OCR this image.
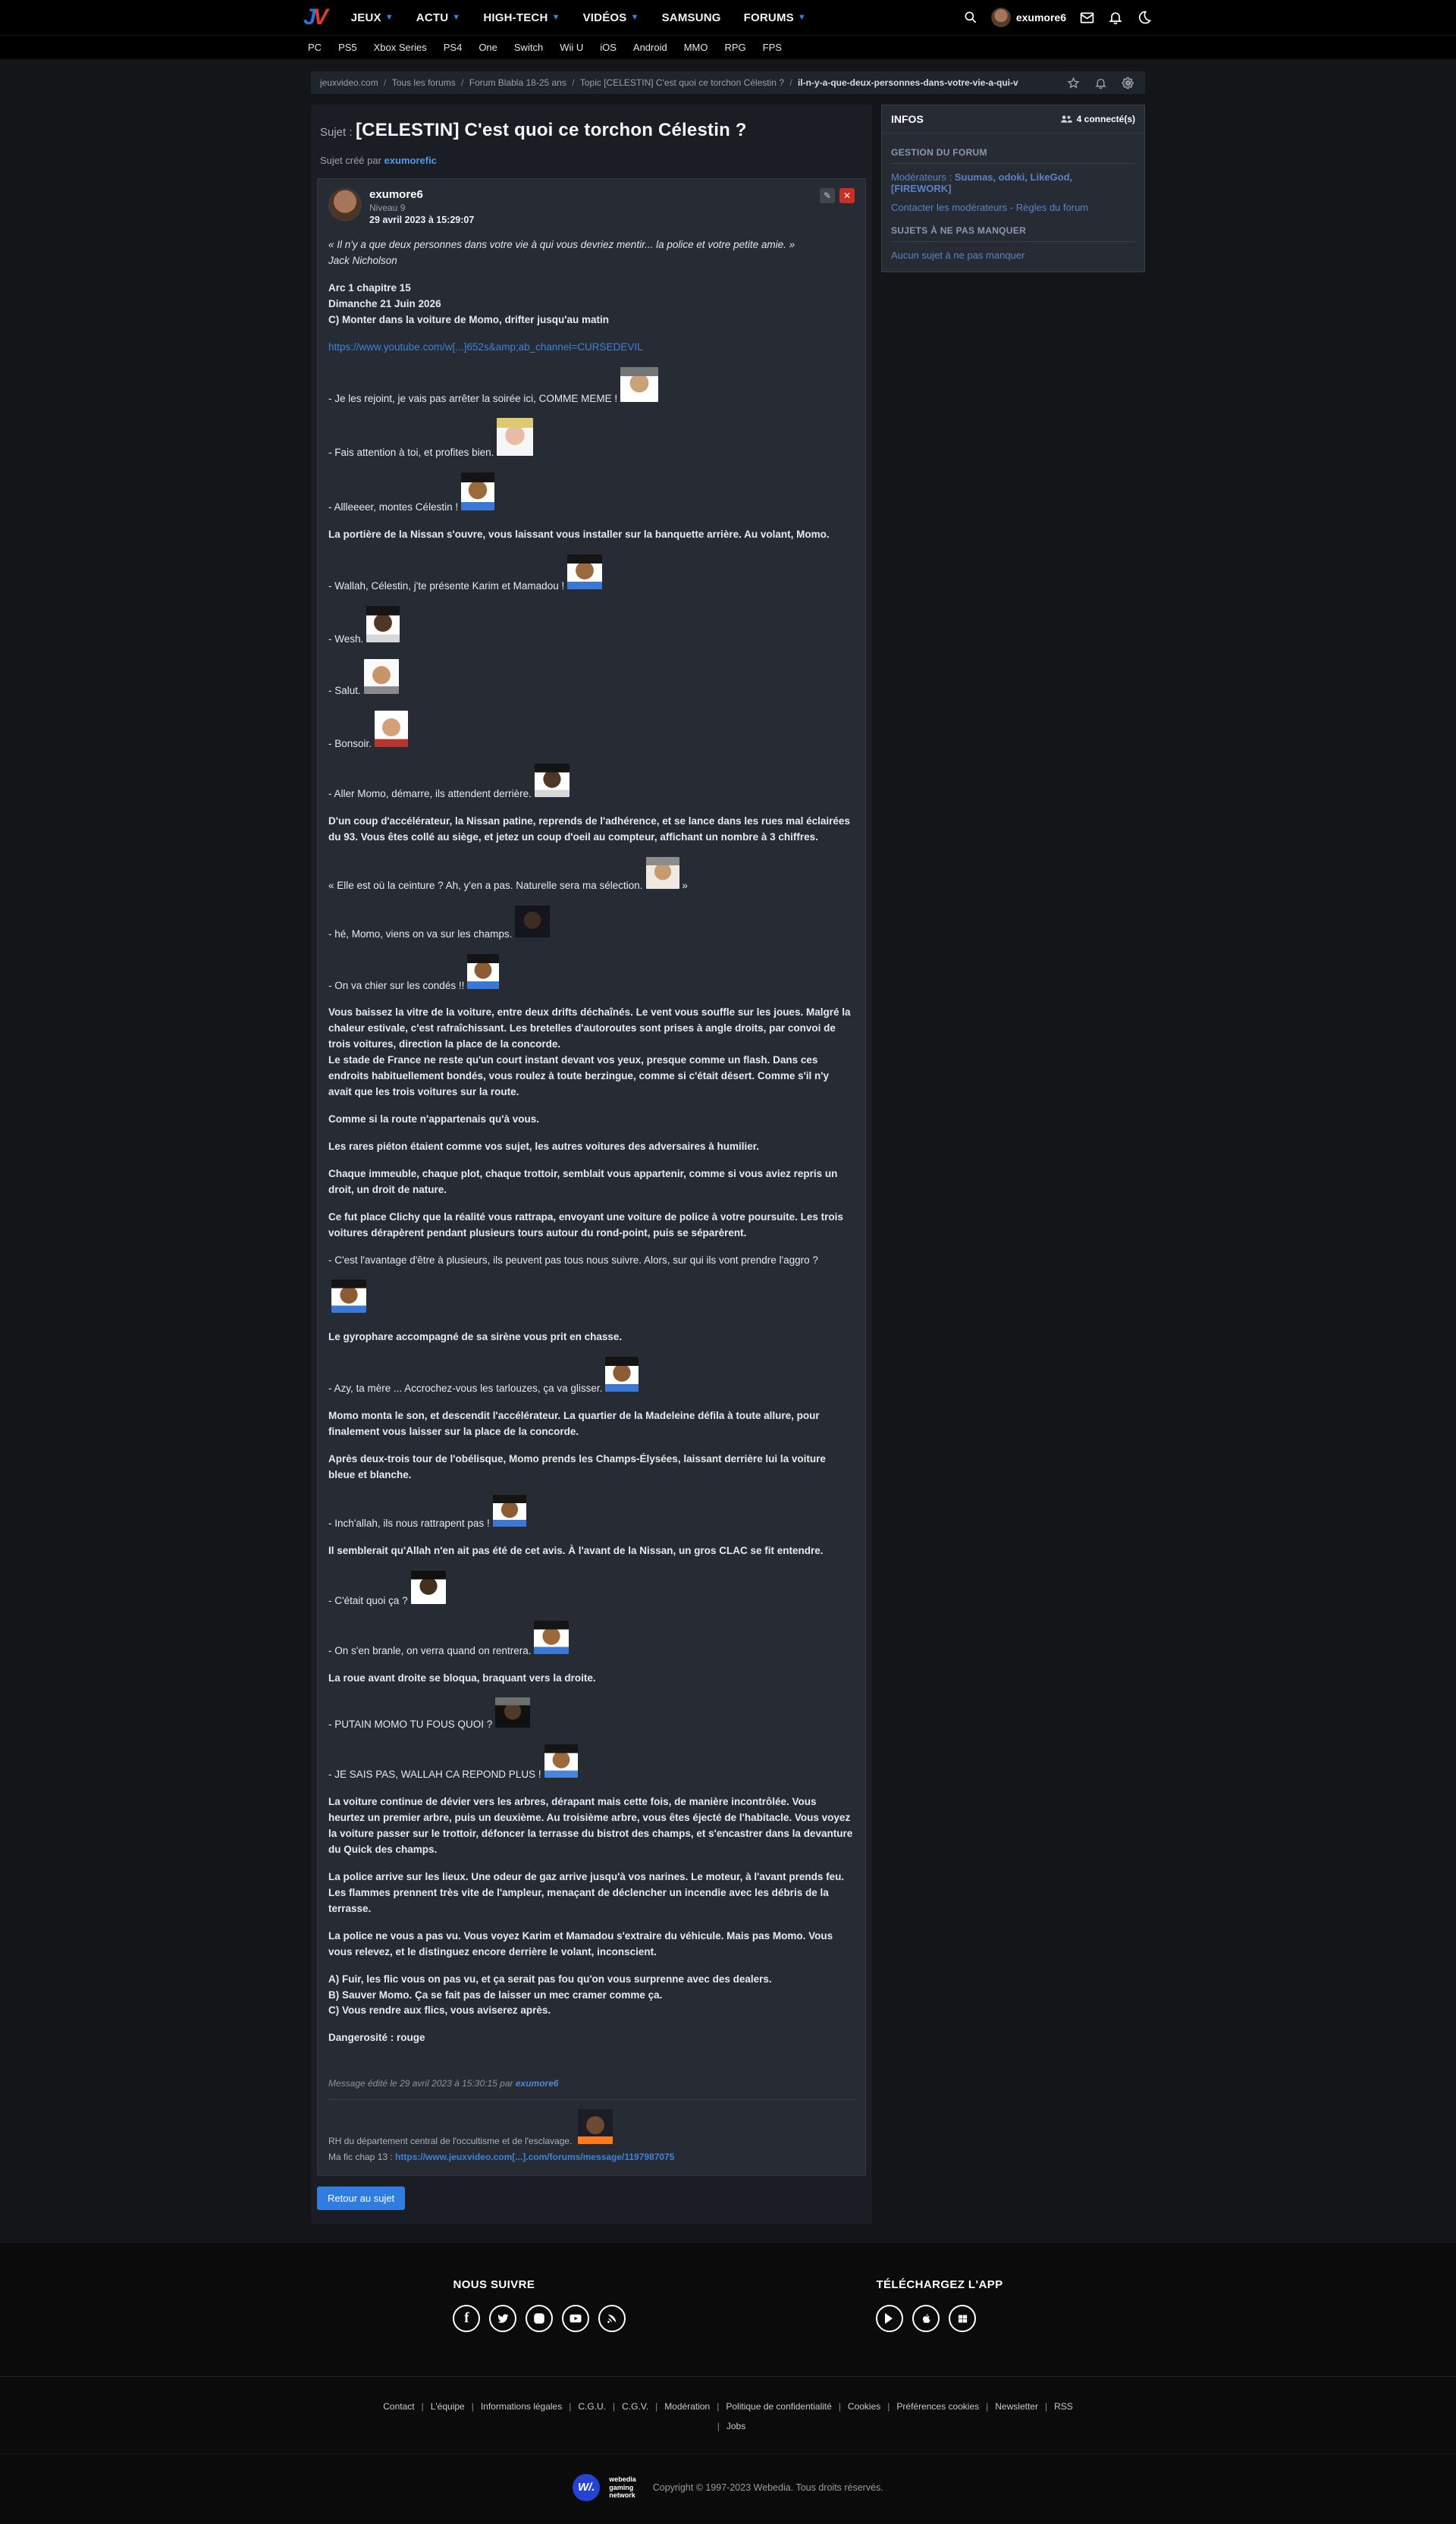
JV JEUX ▼ ACTU ▼ HIGH-TECH ▼ VIDÉOS ▼ SAMSUNG FORUMS ▼	exumore6
PC PS5 Xbox Series PS4 One Switch Wii U iOS Android MMO RPG FPS
jeuxvideo.com / Tous les forums / Forum Blabla 18-25 ans / Topic [CELESTIN] C'est quoi ce torchon Célestin ? / il-n-y-a-que-deux-personnes-dans-votre-vie-a-qui-v
Sujet : [CELESTIN] C'est quoi ce torchon Célestin ?
Sujet créé par exumorefic
exumore6
Niveau 9
29 avril 2023 à 15:29:07
✎	✕

« Il n'y a que deux personnes dans votre vie à qui vous devriez mentir... la police et votre petite amie. »
Jack Nicholson

Arc 1 chapitre 15
Dimanche 21 Juin 2026
C) Monter dans la voiture de Momo, drifter jusqu'au matin

https://www.youtube.com/w[...]652s&amp;ab_channel=CURSEDEVIL

- Je les rejoint, je vais pas arrêter la soirée ici, COMME MEME !

- Fais attention à toi, et profites bien.

- Allleeeer, montes Célestin !

La portière de la Nissan s'ouvre, vous laissant vous installer sur la banquette arrière. Au volant, Momo.

- Wallah, Célestin, j'te présente Karim et Mamadou !

- Wesh.

- Salut.

- Bonsoir.

- Aller Momo, démarre, ils attendent derrière.

D'un coup d'accélérateur, la Nissan patine, reprends de l'adhérence, et se lance dans les rues mal éclairées du 93. Vous êtes collé au siège, et jetez un coup d'oeil au compteur, affichant un nombre à 3 chiffres.

« Elle est où la ceinture ? Ah, y'en a pas. Naturelle sera ma sélection.	»

- hé, Momo, viens on va sur les champs.

- On va chier sur les condés !!

Vous baissez la vitre de la voiture, entre deux drifts déchaînés. Le vent vous souffle sur les joues. Malgré la chaleur estivale, c'est rafraîchissant. Les bretelles d'autoroutes sont prises à angle droits, par convoi de trois voitures, direction la place de la concorde.
Le stade de France ne reste qu'un court instant devant vos yeux, presque comme un flash. Dans ces endroits habituellement bondés, vous roulez à toute berzingue, comme si c'était désert. Comme s'il n'y avait que les trois voitures sur la route.

Comme si la route n'appartenais qu'à vous.

Les rares piéton étaient comme vos sujet, les autres voitures des adversaires à humilier.

Chaque immeuble, chaque plot, chaque trottoir, semblait vous appartenir, comme si vous aviez repris un droit, un droit de nature.

Ce fut place Clichy que la réalité vous rattrapa, envoyant une voiture de police à votre poursuite. Les trois voitures dérapèrent pendant plusieurs tours autour du rond-point, puis se séparèrent.

- C'est l'avantage d'être à plusieurs, ils peuvent pas tous nous suivre. Alors, sur qui ils vont prendre l'aggro ?

Le gyrophare accompagné de sa sirène vous prit en chasse.

- Azy, ta mère ... Accrochez-vous les tarlouzes, ça va glisser.

Momo monta le son, et descendit l'accélérateur. La quartier de la Madeleine défila à toute allure, pour finalement vous laisser sur la place de la concorde.

Après deux-trois tour de l'obélisque, Momo prends les Champs-Élysées, laissant derrière lui la voiture bleue et blanche.

- Inch'allah, ils nous rattrapent pas !

Il semblerait qu'Allah n'en ait pas été de cet avis. À l'avant de la Nissan, un gros CLAC se fit entendre.

- C'était quoi ça ?

- On s'en branle, on verra quand on rentrera.

La roue avant droite se bloqua, braquant vers la droite.

- PUTAIN MOMO TU FOUS QUOI ?

- JE SAIS PAS, WALLAH CA REPOND PLUS !

La voiture continue de dévier vers les arbres, dérapant mais cette fois, de manière incontrôlée. Vous heurtez un premier arbre, puis un deuxième. Au troisième arbre, vous êtes éjecté de l'habitacle. Vous voyez la voiture passer sur le trottoir, défoncer la terrasse du bistrot des champs, et s'encastrer dans la devanture du Quick des champs.

La police arrive sur les lieux. Une odeur de gaz arrive jusqu'à vos narines. Le moteur, à l'avant prends feu. Les flammes prennent très vite de l'ampleur, menaçant de déclencher un incendie avec les débris de la terrasse.

La police ne vous a pas vu. Vous voyez Karim et Mamadou s'extraire du véhicule. Mais pas Momo. Vous vous relevez, et le distinguez encore derrière le volant, inconscient.

A) Fuir, les flic vous on pas vu, et ça serait pas fou qu'on vous surprenne avec des dealers.
B) Sauver Momo. Ça se fait pas de laisser un mec cramer comme ça.
C) Vous rendre aux flics, vous aviserez après.

Dangerosité : rouge

Message édité le 29 avril 2023 à 15:30:15 par exumore6
RH du département central de l'occultisme et de l'esclavage.
Ma fic chap 13 : https://www.jeuxvideo.com[...].com/forums/message/1197987075
Retour au sujet
INFOS	4 connecté(s)
GESTION DU FORUM
Modérateurs : Suumas, odoki, LikeGod, [FIREWORK]
Contacter les modérateurs - Règles du forum
SUJETS À NE PAS MANQUER
Aucun sujet à ne pas manquer
NOUS SUIVRE
f
TÉLÉCHARGEZ L'APP
Contact | L'équipe | Informations légales | C.G.U. | C.G.V. | Modération | Politique de confidentialité | Cookies | Préférences cookies | Newsletter | RSS
| Jobs
W/.
webedia
gaming
network
Copyright © 1997-2023 Webedia. Tous droits réservés.
